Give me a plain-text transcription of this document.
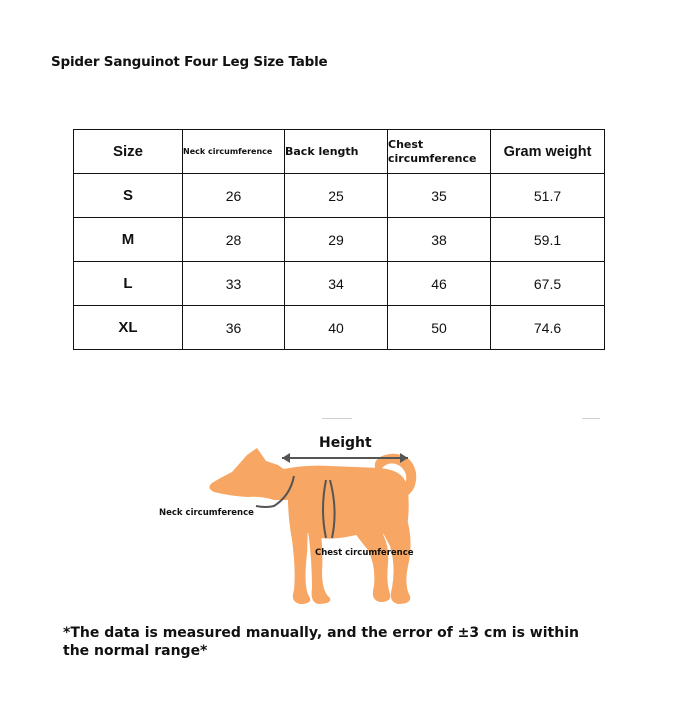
Spider Sanguinot Four Leg Size Table
Size	Neck circumference	Back length	Chest circumference	Gram weight
S	26	25	35	51.7
M	28	29	38	59.1
L	33	34	46	67.5
XL	36	40	50	74.6
Height
Neck circumference
Chest circumference
*The data is measured manually, and the error of ±3 cm is within the normal range*
